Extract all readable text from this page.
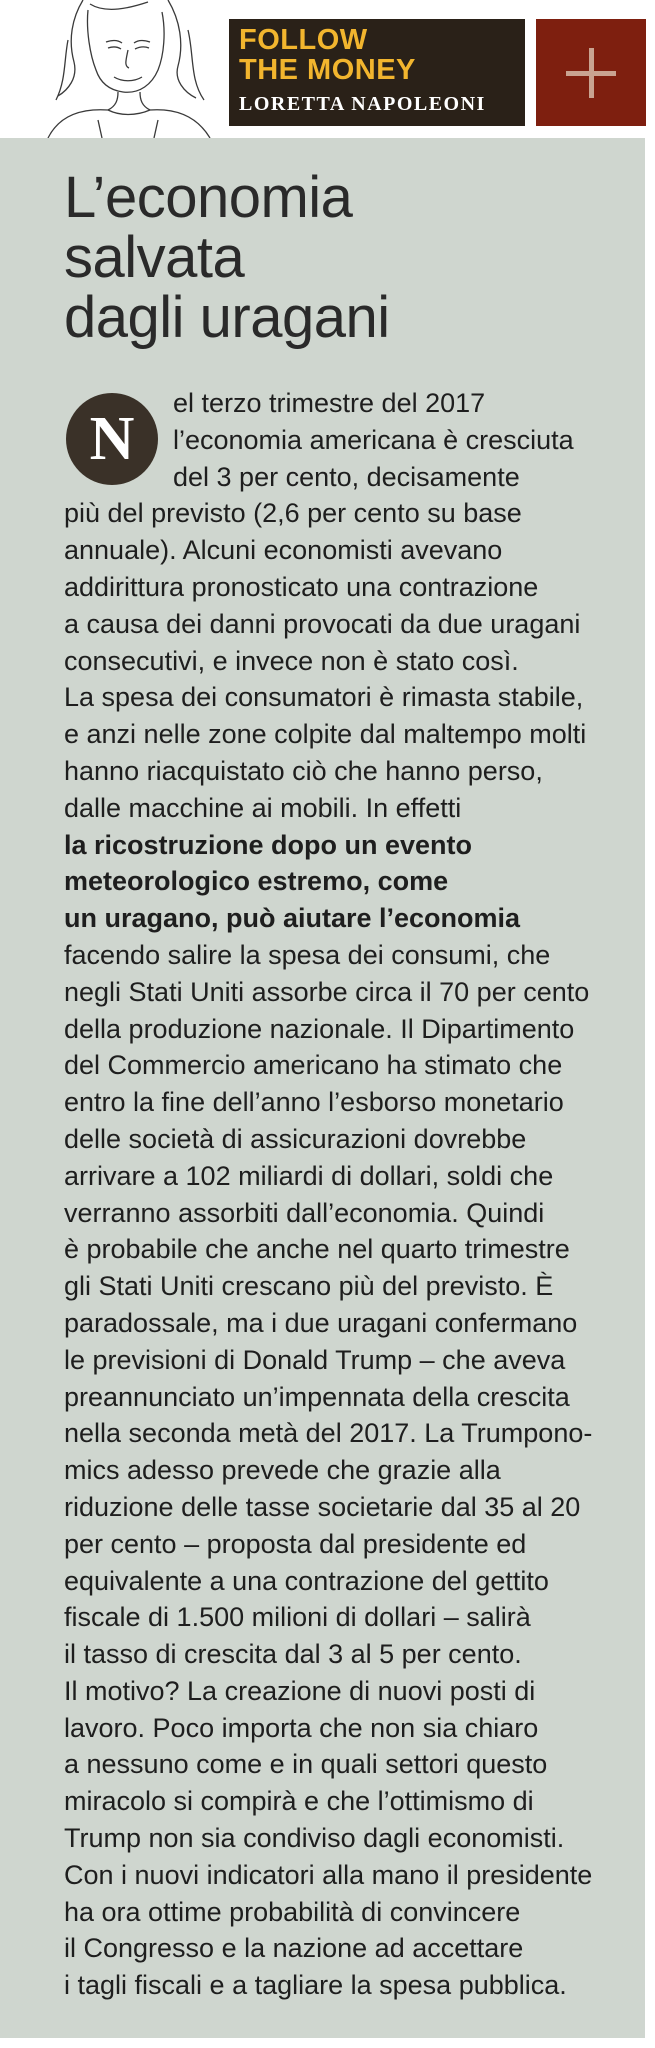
FOLLOW
THE MONEY
LORETTA NAPOLEONI
L’economia
salvata
dagli uragani
N
el terzo trimestre del 2017
l’economia americana è cresciuta
del 3 per cento, decisamente
più del previsto (2,6 per cento su base
annuale). Alcuni economisti avevano
addirittura pronosticato una contrazione
a causa dei danni provocati da due uragani
consecutivi, e invece non è stato così.
La spesa dei consumatori è rimasta stabile,
e anzi nelle zone colpite dal maltempo molti
hanno riacquistato ciò che hanno perso,
dalle macchine ai mobili. In effetti
la ricostruzione dopo un evento
meteorologico estremo, come
un uragano, può aiutare l’economia
facendo salire la spesa dei consumi, che
negli Stati Uniti assorbe circa il 70 per cento
della produzione nazionale. Il Dipartimento
del Commercio americano ha stimato che
entro la fine dell’anno l’esborso monetario
delle società di assicurazioni dovrebbe
arrivare a 102 miliardi di dollari, soldi che
verranno assorbiti dall’economia. Quindi
è probabile che anche nel quarto trimestre
gli Stati Uniti crescano più del previsto. È
paradossale, ma i due uragani confermano
le previsioni di Donald Trump – che aveva
preannunciato un’impennata della crescita
nella seconda metà del 2017. La Trumpono-
mics adesso prevede che grazie alla
riduzione delle tasse societarie dal 35 al 20
per cento – proposta dal presidente ed
equivalente a una contrazione del gettito
fiscale di 1.500 milioni di dollari – salirà
il tasso di crescita dal 3 al 5 per cento.
Il motivo? La creazione di nuovi posti di
lavoro. Poco importa che non sia chiaro
a nessuno come e in quali settori questo
miracolo si compirà e che l’ottimismo di
Trump non sia condiviso dagli economisti.
Con i nuovi indicatori alla mano il presidente
ha ora ottime probabilità di convincere
il Congresso e la nazione ad accettare
i tagli fiscali e a tagliare la spesa pubblica.
